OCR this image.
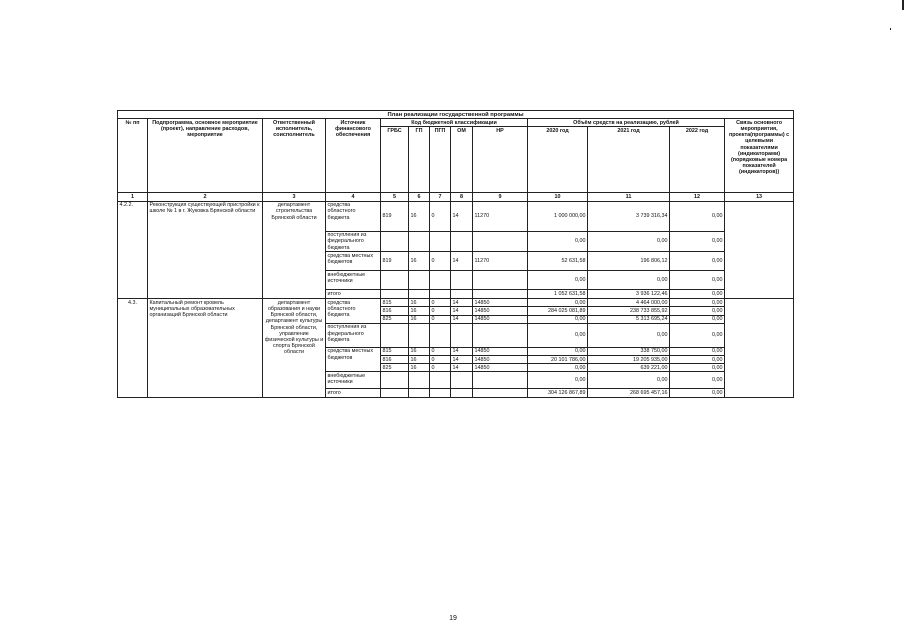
План реализации государственной программы												
№ пп	Подпрограмма, основное мероприятие (проект), направление расходов, мероприятие	Ответственный исполнитель, соисполнитель	Источник финансового обеспечения	Код бюджетной классификации					Объём средств на реализацию, рублей			Связь основного мероприятия, проекта(программы) с целевыми показателями (индикаторами) (порядковые номера показателей (индикаторов))
				ГРБС	ГП	ПГП	ОМ	НР	2020 год	2021 год	2022 год	
1	2	3	4	5	6	7	8	9	10	11	12	13
4.2.2.	Реконструкция существующей пристройки к школе № 1 в г. Жуковка Брянской области	департамент строительства Брянской области	средства областного бюджета	819	16	0	14	11270	1 000 000,00	3 739 316,34	0,00	
			поступления из федерального бюджета						0,00	0,00	0,00	
			средства местных бюджетов	819	16	0	14	11270	52 631,58	196 806,12	0,00	
			внебюджетные источники						0,00	0,00	0,00	
			итого						1 052 631,58	3 936 122,46	0,00	
4.3.	Капитальный ремонт кровель муниципальных образовательных организаций Брянской области	департамент образования и науки Брянской области, департамент культуры Брянской области, управление физической культуры и спорта Брянской области	средства областного бюджета	815	16	0	14	14850	0,00	4 464 000,00	0,00	
				816	16	0	14	14850	284 025 081,89	238 733 855,92	0,00	
				825	16	0	14	14850	0,00	5 313 695,24	0,00	
			поступления из федерального бюджета						0,00	0,00	0,00	
			средства местных бюджетов	815	16	0	14	14850	0,00	338 750,00	0,00	
				816	16	0	14	14850	20 101 786,00	19 205 935,00	0,00	
				825	16	0	14	14850	0,00	639 221,00	0,00	
			внебюджетные источники						0,00	0,00	0,00	
			итого						304 126 867,89	268 695 457,16	0,00	
19
